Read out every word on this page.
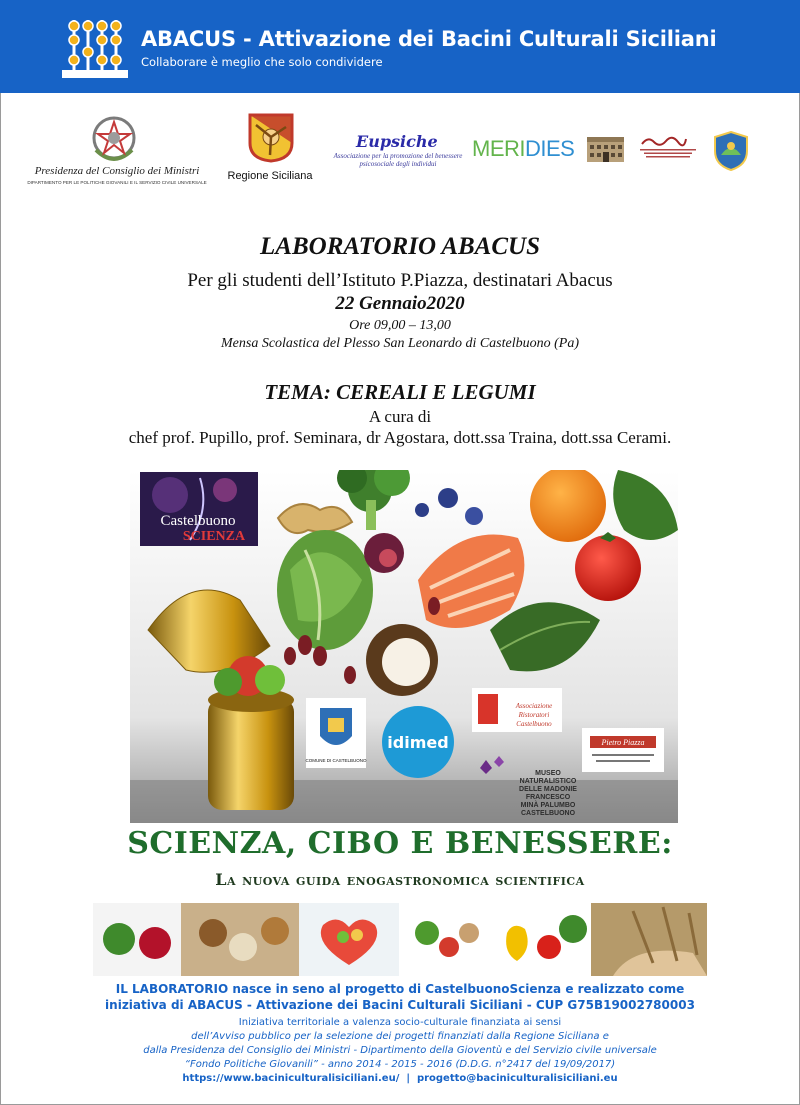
ABACUS - Attivazione dei Bacini Culturali Siciliani
Collaborare è meglio che solo condividere
Presidenza del Consiglio dei Ministri
DIPARTIMENTO PER LE POLITICHE GIOVANILI E IL SERVIZIO CIVILE UNIVERSALE
Regione Siciliana
Eupsiche
Associazione per la promozione del benessere psicosociale degli individui
MERIDIES
LABORATORIO ABACUS
Per gli studenti dell’Istituto P.Piazza, destinatari Abacus
22 Gennaio2020
Ore 09,00 – 13,00
Mensa Scolastica del Plesso San Leonardo di Castelbuono (Pa)
TEMA: CEREALI E LEGUMI
A cura di
chef prof. Pupillo, prof. Seminara, dr Agostara, dott.ssa Traina, dott.ssa Cerami.
Castelbuono
SCIENZA
COMUNE DI CASTELBUONO
idimed
Associazione
Ristoratori
Castelbuono
Pietro Piazza
MUSEO
NATURALISTICO
DELLE MADONIE
FRANCESCO
MINÀ PALUMBO
CASTELBUONO
SCIENZA, CIBO E BENESSERE:
La nuova guida enogastronomica scientifica
IL LABORATORIO nasce in seno al progetto di CastelbuonoScienza e realizzato come
iniziativa di ABACUS - Attivazione dei Bacini Culturali Siciliani - CUP G75B19002780003
Iniziativa territoriale a valenza socio-culturale finanziata ai sensi
dell’Avviso pubblico per la selezione dei progetti finanziati dalla Regione Siciliana e
dalla Presidenza del Consiglio dei Ministri - Dipartimento della Gioventù e del Servizio civile universale
“Fondo Politiche Giovanili” - anno 2014 - 2015 - 2016 (D.D.G. n°2417 del 19/09/2017)
https://www.baciniculturalisiciliani.eu/  |  progetto@baciniculturalisiciliani.eu
